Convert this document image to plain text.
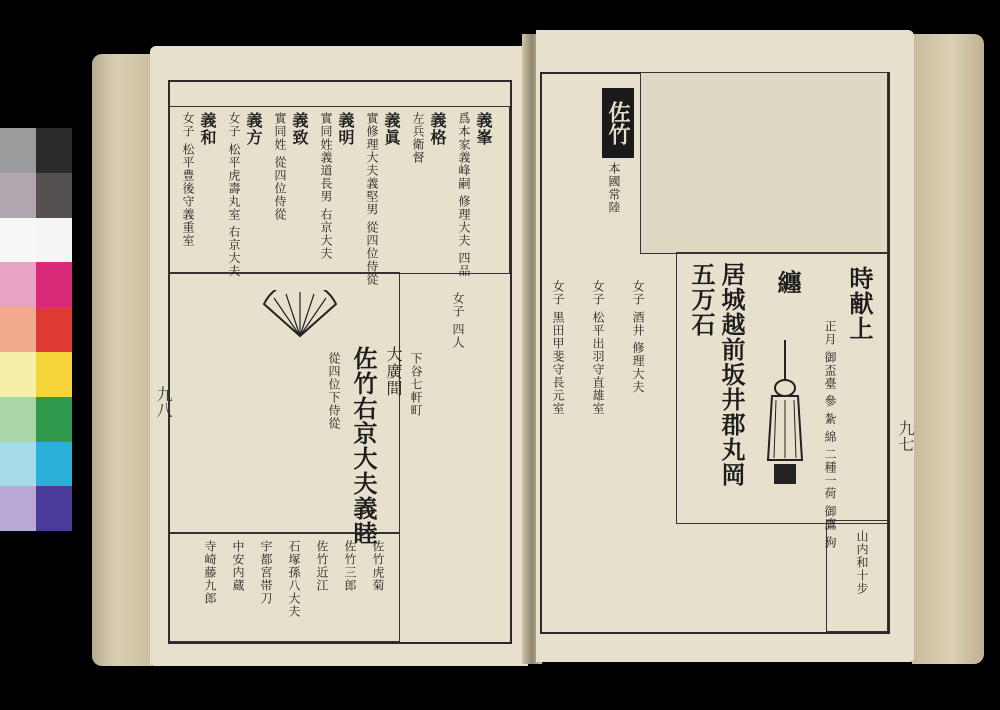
義和
女子 松平豊後守義重室	義方
女子 松平虎壽丸室 右京大夫	義致
實同姓 從四位侍從	義明
實同姓義道長男 右京大夫	義眞
實修理大夫義堅男 從四位侍從	義格
左兵衛督	義峯
爲本家義峰嗣 修理大夫 四品
佐竹右京大夫義睦 大廣間 下谷七軒町
從四位下侍從
女子 四人
佐竹虎菊
佐竹三郎
佐竹近江
石塚孫八大夫
宇都宮帯刀
中安内蔵
寺崎藤九郎
九八
佐竹
本國常陸
五万石 居城越前坂井郡丸岡 纏 時献上
正月 御盃臺 參 紮 綿 二種一荷 御鷹 狗
山内和十步
女子 黒田甲斐守長元室 女子 松平出羽守直雄室 女子 酒井 修理大夫
九七
